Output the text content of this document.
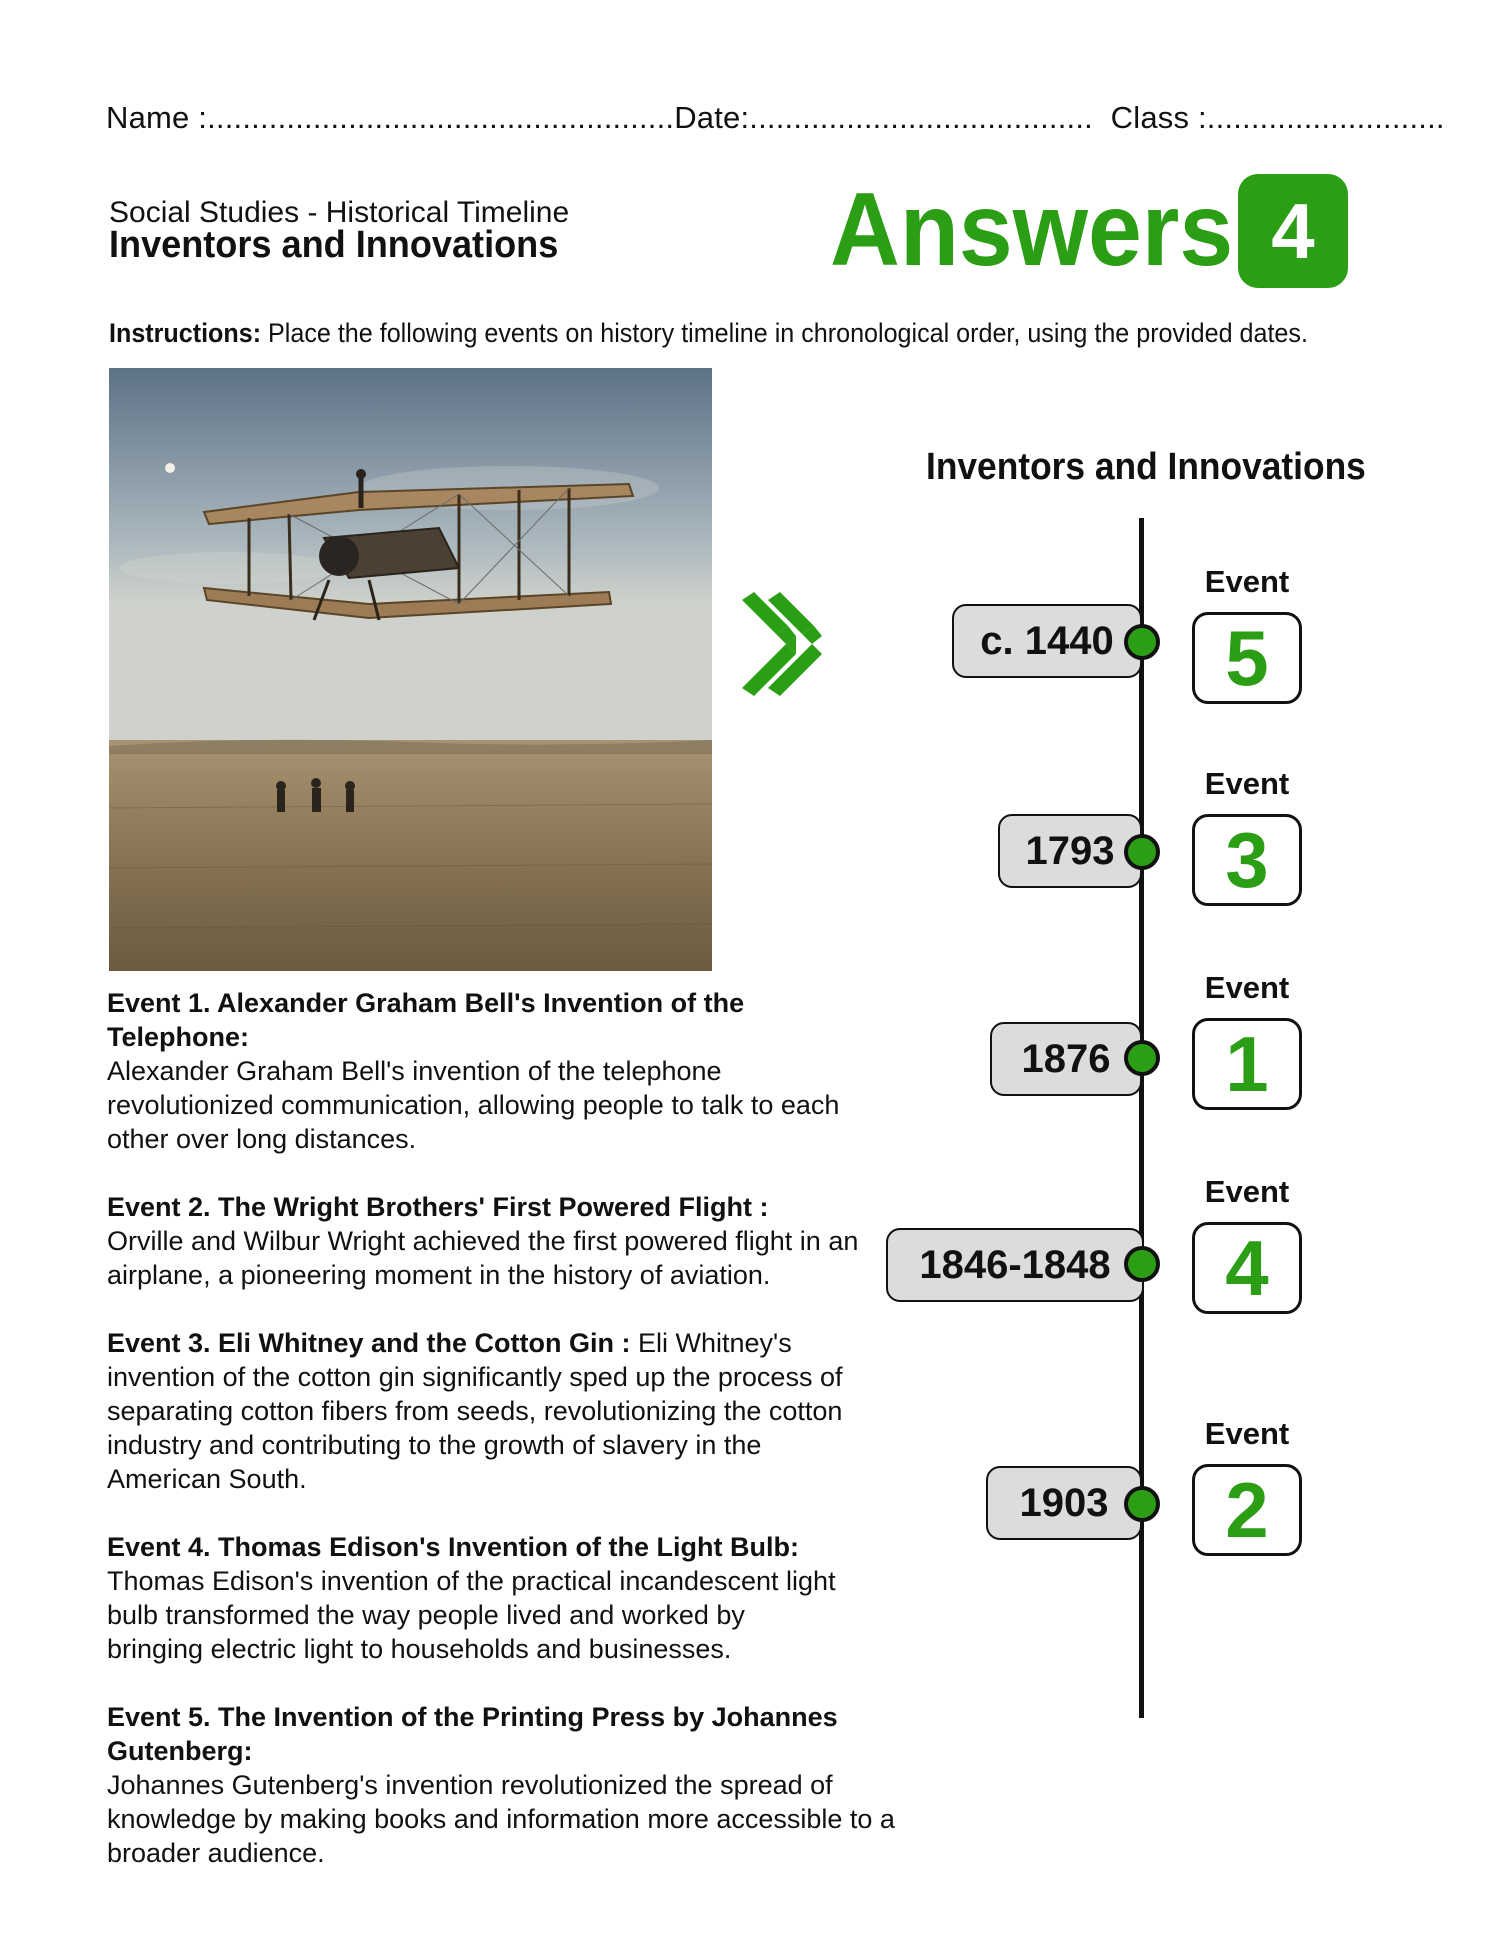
Name :.....................................................Date:....................................... Class :...........................
Social Studies - Historical Timeline
Inventors and Innovations	Answers 4
Instructions: Place the following events on history timeline in chronological order, using the provided dates.
Inventors and Innovations
c. 1440
Event
5
1793
Event
3
1876
Event
1
1846-1848
Event
4
1903
Event
2
Event 1. Alexander Graham Bell's Invention of the Telephone:
Alexander Graham Bell's invention of the telephone revolutionized communication, allowing people to talk to each other over long distances.
Event 2. The Wright Brothers' First Powered Flight :
Orville and Wilbur Wright achieved the first powered flight in an airplane, a pioneering moment in the history of aviation.
Event 3. Eli Whitney and the Cotton Gin : Eli Whitney's invention of the cotton gin significantly sped up the process of separating cotton fibers from seeds, revolutionizing the cotton industry and contributing to the growth of slavery in the American South.
Event 4. Thomas Edison's Invention of the Light Bulb:
Thomas Edison's invention of the practical incandescent light bulb transformed the way people lived and worked by bringing electric light to households and businesses.
Event 5. The Invention of the Printing Press by Johannes Gutenberg:
Johannes Gutenberg's invention revolutionized the spread of knowledge by making books and information more accessible to a broader audience.
